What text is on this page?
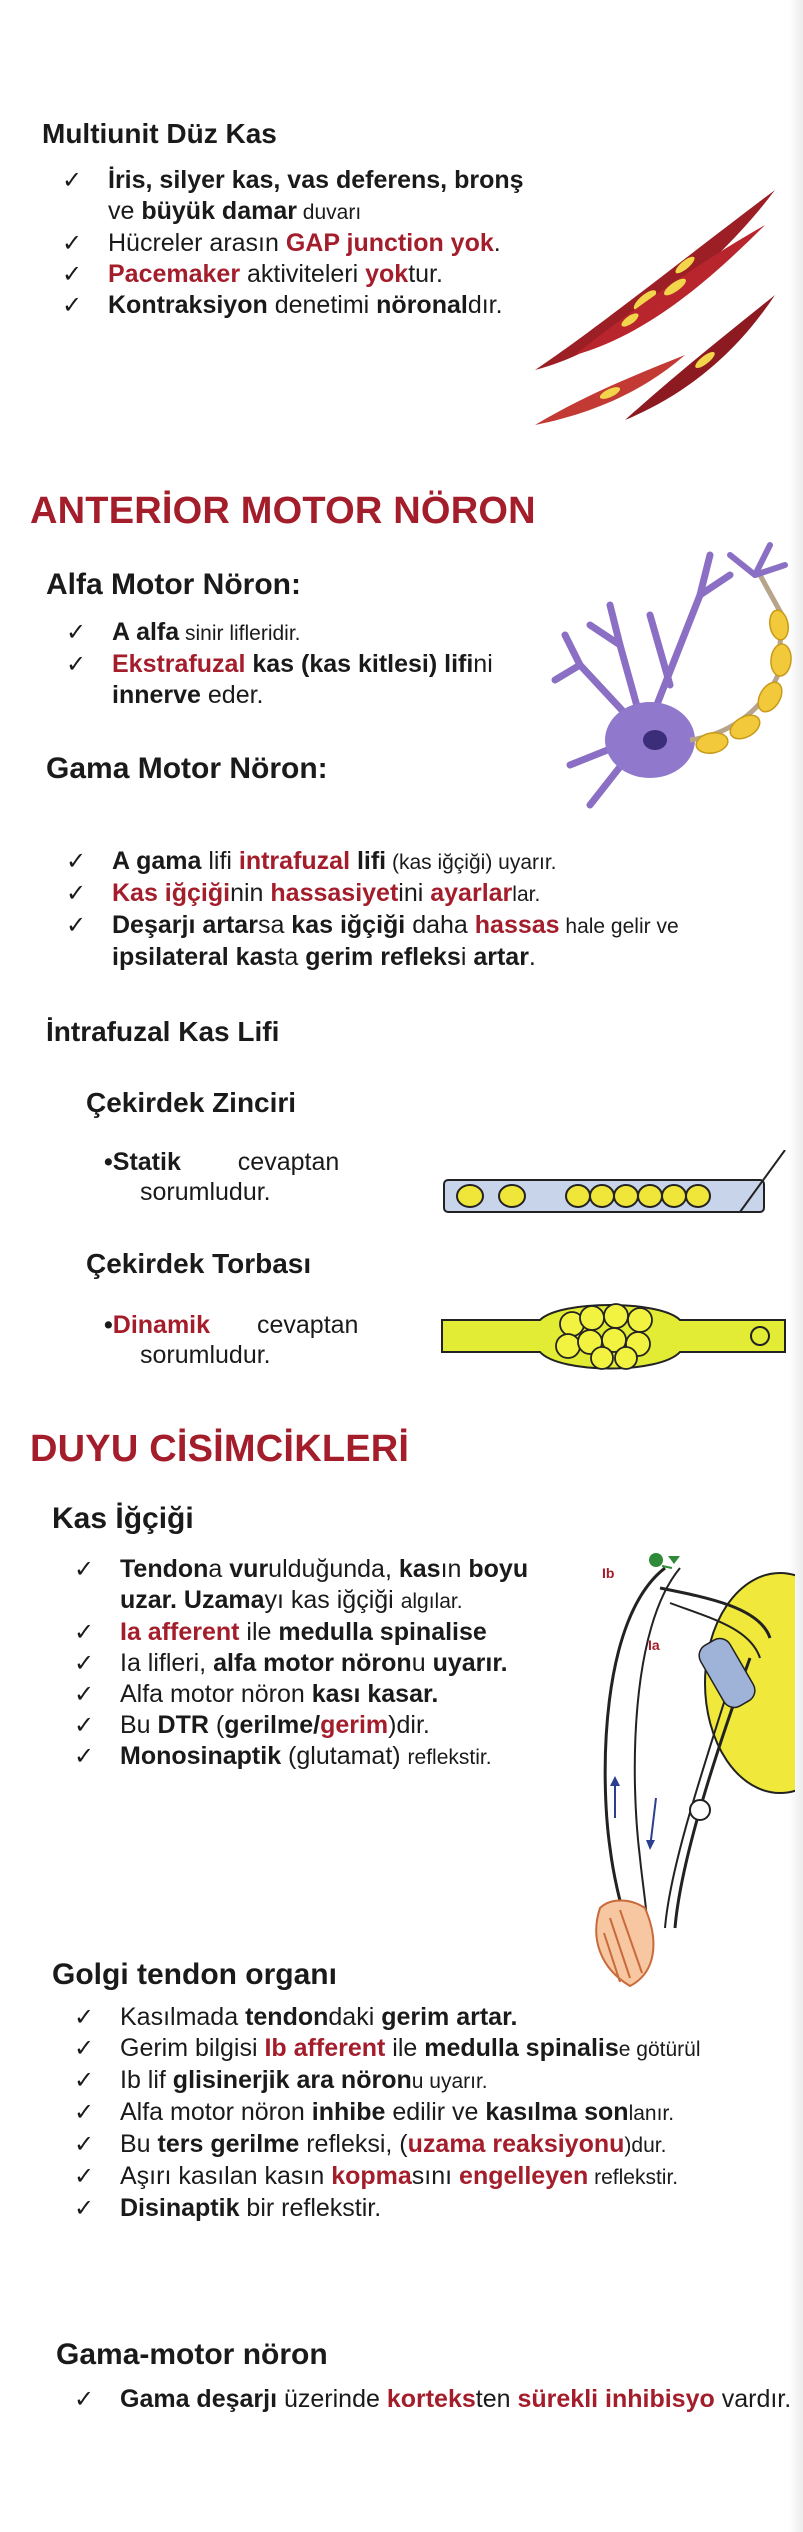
Multiunit Düz Kas
✓ İris, silyer kas, vas deferens, bronş ve büyük damar duvarı
✓ Hücreler arasın GAP junction yok.
✓ Pacemaker aktiviteleri yoktur.
✓ Kontraksiyon denetimi nöronaldır.
ANTERİOR MOTOR NÖRON
Alfa Motor Nöron:
✓ A alfa sinir lifleridir.
✓ Ekstrafuzal kas (kas kitlesi) lifini innerve eder.
Gama Motor Nöron:
✓ A gama lifi intrafuzal lifi (kas iğçiği) uyarır.
✓ Kas iğçiğinin hassasiyetini ayarlarlar.
✓ Deşarjı artarsa kas iğçiği daha hassas hale gelir ve ipsilateral kasta gerim refleksi artar.
İntrafuzal Kas Lifi
Çekirdek Zinciri
•Statik cevaptan
sorumludur.
Çekirdek Torbası
•Dinamik cevaptan
sorumludur.
DUYU CİSİMCİKLERİ
Kas İğçiği
✓ Tendona vurulduğunda, kasın boyu uzar. Uzamayı kas iğçiği algılar.
✓ Ia afferent ile medulla spinalise
✓ Ia lifleri, alfa motor nöronu uyarır.
✓ Alfa motor nöron kası kasar.
✓ Bu DTR (gerilme/gerim)dir.
✓ Monosinaptik (glutamat) reflekstir.
Ib
Ia
Golgi tendon organı
✓ Kasılmada tendondaki gerim artar.
✓ Gerim bilgisi Ib afferent ile medulla spinalise götürül
✓ Ib lif glisinerjik ara nöronu uyarır.
✓ Alfa motor nöron inhibe edilir ve kasılma sonlanır.
✓ Bu ters gerilme refleksi, (uzama reaksiyonu)dur.
✓ Aşırı kasılan kasın kopmasını engelleyen reflekstir.
✓ Disinaptik bir reflekstir.
Gama-motor nöron
✓ Gama deşarjı üzerinde korteksten sürekli inhibisyo vardır.
